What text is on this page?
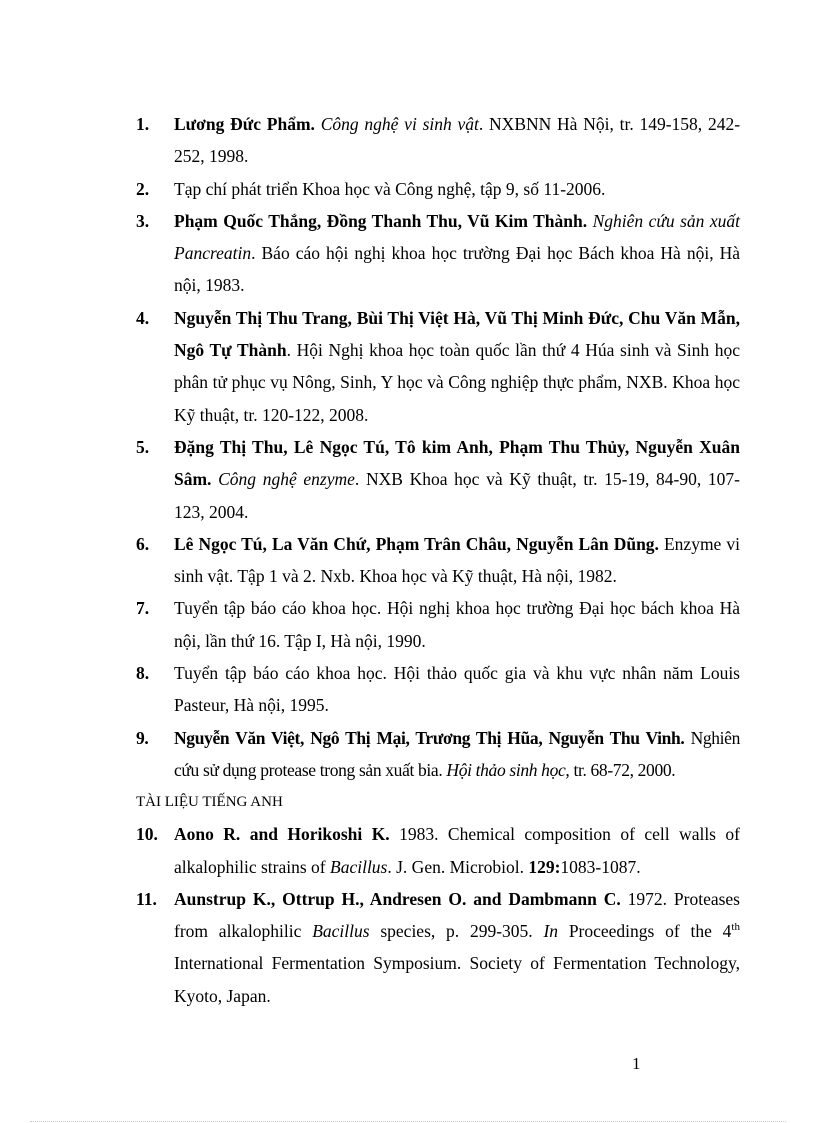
1. Lương Đức Phẩm. Công nghệ vi sinh vật. NXBNN Hà Nội, tr. 149-158, 242-252, 1998.
2. Tạp chí phát triển Khoa học và Công nghệ, tập 9, số 11-2006.
3. Phạm Quốc Thắng, Đồng Thanh Thu, Vũ Kim Thành. Nghiên cứu sản xuất Pancreatin. Báo cáo hội nghị khoa học trường Đại học Bách khoa Hà nội, Hà nội, 1983.
4. Nguyễn Thị Thu Trang, Bùi Thị Việt Hà, Vũ Thị Minh Đức, Chu Văn Mẫn, Ngô Tự Thành. Hội Nghị khoa học toàn quốc lần thứ 4 Húa sinh và Sinh học phân tử phục vụ Nông, Sinh, Y học và Công nghiệp thực phẩm, NXB. Khoa học Kỹ thuật, tr. 120-122, 2008.
5. Đặng Thị Thu, Lê Ngọc Tú, Tô kim Anh, Phạm Thu Thủy, Nguyễn Xuân Sâm. Công nghệ enzyme. NXB Khoa học và Kỹ thuật, tr. 15-19, 84-90, 107-123, 2004.
6. Lê Ngọc Tú, La Văn Chứ, Phạm Trân Châu, Nguyễn Lân Dũng. Enzyme vi sinh vật. Tập 1 và 2. Nxb. Khoa học và Kỹ thuật, Hà nội, 1982.
7. Tuyển tập báo cáo khoa học. Hội nghị khoa học trường Đại học bách khoa Hà nội, lần thứ 16. Tập I, Hà nội, 1990.
8. Tuyển tập báo cáo khoa học. Hội thảo quốc gia và khu vực nhân năm Louis Pasteur, Hà nội, 1995.
9. Nguyễn Văn Việt, Ngô Thị Mại, Trương Thị Hũa, Nguyễn Thu Vinh. Nghiên cứu sử dụng protease trong sản xuất bia. Hội thảo sinh học, tr. 68-72, 2000.
TÀI LIỆU TIẾNG ANH
10. Aono R. and Horikoshi K. 1983. Chemical composition of cell walls of alkalophilic strains of Bacillus. J. Gen. Microbiol. 129:1083-1087.
11. Aunstrup K., Ottrup H., Andresen O. and Dambmann C. 1972. Proteases from alkalophilic Bacillus species, p. 299-305. In Proceedings of the 4th International Fermentation Symposium. Society of Fermentation Technology, Kyoto, Japan.
1
